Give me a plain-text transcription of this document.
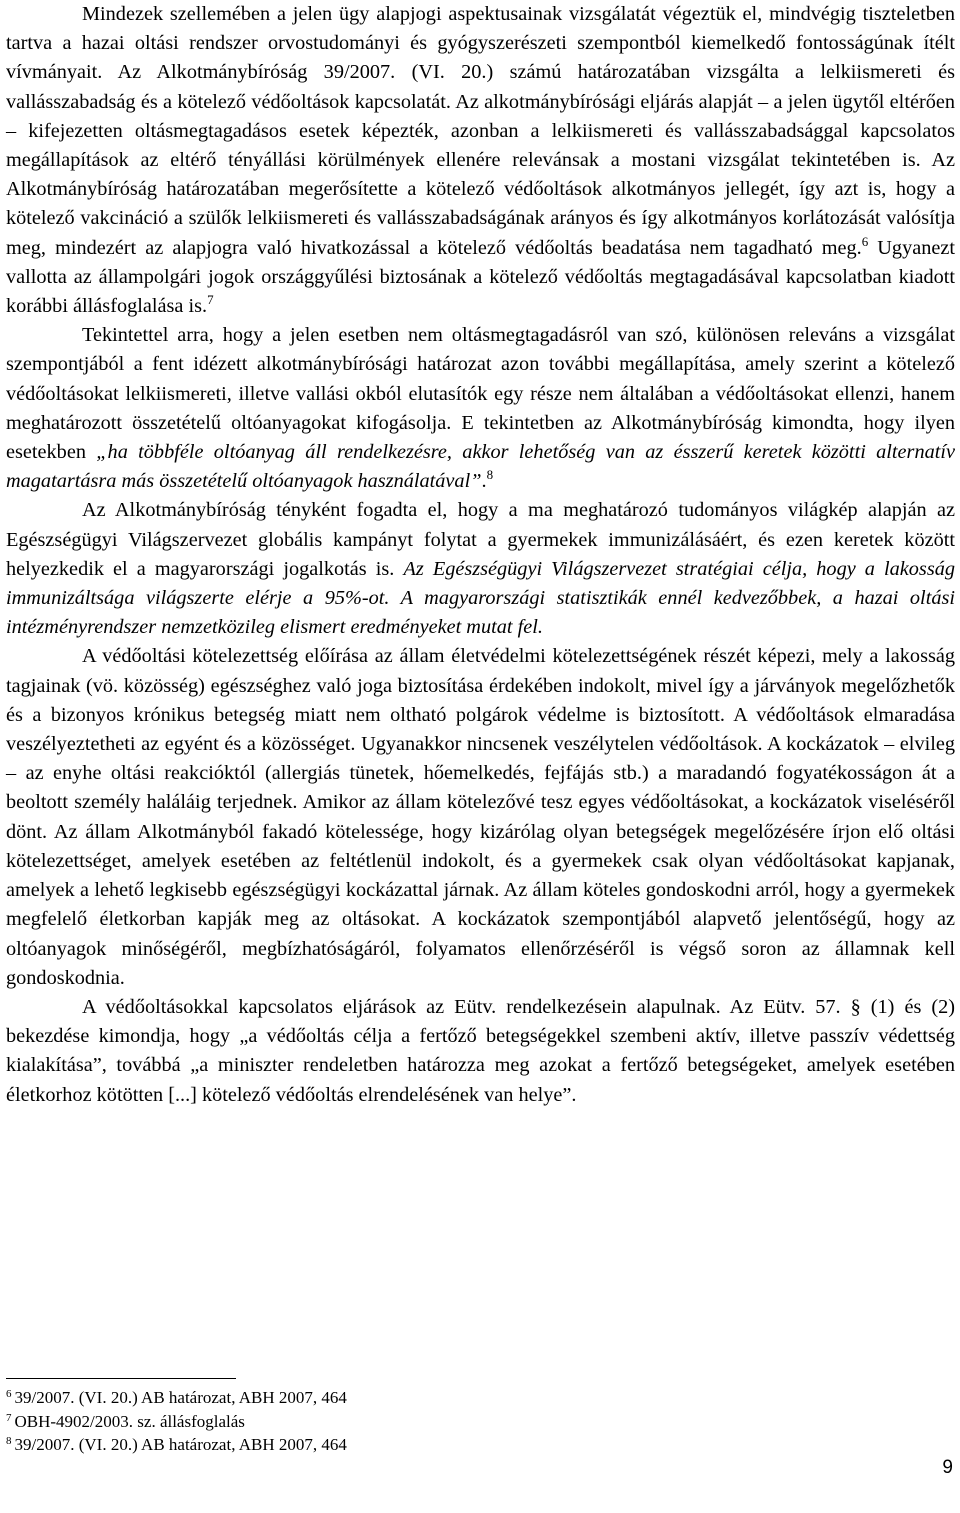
Mindezek szellemében a jelen ügy alapjogi aspektusainak vizsgálatát végeztük el, mindvégig tiszteletben tartva a hazai oltási rendszer orvostudományi és gyógyszerészeti szempontból kiemelkedő fontosságúnak ítélt vívmányait. Az Alkotmánybíróság 39/2007. (VI. 20.) számú határozatában vizsgálta a lelkiismereti és vallásszabadság és a kötelező védőoltások kapcsolatát. Az alkotmánybírósági eljárás alapját ‒ a jelen ügytől eltérően ‒ kifejezetten oltásmegtagadásos esetek képezték, azonban a lelkiismereti és vallásszabadsággal kapcsolatos megállapítások az eltérő tényállási körülmények ellenére relevánsak a mostani vizsgálat tekintetében is. Az Alkotmánybíróság határozatában megerősítette a kötelező védőoltások alkotmányos jellegét, így azt is, hogy a kötelező vakcináció a szülők lelkiismereti és vallásszabadságának arányos és így alkotmányos korlátozását valósítja meg, mindezért az alapjogra való hivatkozással a kötelező védőoltás beadatása nem tagadható meg.$^6$ Ugyanezt vallotta az állampolgári jogok országgyűlési biztosának a kötelező védőoltás megtagadásával kapcsolatban kiadott korábbi állásfoglalása is.$^7$

Tekintettel arra, hogy a jelen esetben nem oltásmegtagadásról van szó, különösen releváns a vizsgálat szempontjából a fent idézett alkotmánybírósági határozat azon további megállapítása, amely szerint a kötelező védőoltásokat lelkiismereti, illetve vallási okból elutasítók egy része nem általában a védőoltásokat ellenzi, hanem meghatározott összetételű oltóanyagokat kifogásolja. E tekintetben az Alkotmánybíróság kimondta, hogy ilyen esetekben „ha többféle oltóanyag áll rendelkezésre, akkor lehetőség van az ésszerű keretek közötti alternatív magatartásra más összetételű oltóanyagok használatával”.$^8$

Az Alkotmánybíróság tényként fogadta el, hogy a ma meghatározó tudományos világkép alapján az Egészségügyi Világszervezet globális kampányt folytat a gyermekek immunizálásáért, és ezen keretek között helyezkedik el a magyarországi jogalkotás is. Az Egészségügyi Világszervezet stratégiai célja, hogy a lakosság immunizáltsága világszerte elérje a 95%-ot. A magyarországi statisztikák ennél kedvezőbbek, a hazai oltási intézményrendszer nemzetközileg elismert eredményeket mutat fel.

A védőoltási kötelezettség előírása az állam életvédelmi kötelezettségének részét képezi, mely a lakosság tagjainak (vö. közösség) egészséghez való joga biztosítása érdekében indokolt, mivel így a járványok megelőzhetők és a bizonyos krónikus betegség miatt nem oltható polgárok védelme is biztosított. A védőoltások elmaradása veszélyeztetheti az egyént és a közösséget. Ugyanakkor nincsenek veszélytelen védőoltások. A kockázatok ‒ elvileg ‒ az enyhe oltási reakcióktól (allergiás tünetek, hőemelkedés, fejfájás stb.) a maradandó fogyatékosságon át a beoltott személy haláláig terjednek. Amikor az állam kötelezővé tesz egyes védőoltásokat, a kockázatok viseléséről dönt. Az állam Alkotmányból fakadó kötelessége, hogy kizárólag olyan betegségek megelőzésére írjon elő oltási kötelezettséget, amelyek esetében az feltétlenül indokolt, és a gyermekek csak olyan védőoltásokat kapjanak, amelyek a lehető legkisebb egészségügyi kockázattal járnak. Az állam köteles gondoskodni arról, hogy a gyermekek megfelelő életkorban kapják meg az oltásokat. A kockázatok szempontjából alapvető jelentőségű, hogy az oltóanyagok minőségéről, megbízhatóságáról, folyamatos ellenőrzéséről is végső soron az államnak kell gondoskodnia.

A védőoltásokkal kapcsolatos eljárások az Eütv. rendelkezésein alapulnak. Az Eütv. 57. § (1) és (2) bekezdése kimondja, hogy „a védőoltás célja a fertőző betegségekkel szembeni aktív, illetve passzív védettség kialakítása”, továbbá „a miniszter rendeletben határozza meg azokat a fertőző betegségeket, amelyek esetében életkorhoz kötötten [...] kötelező védőoltás elrendelésének van helye”.

$^6$ 39/2007. (VI. 20.) AB határozat, ABH 2007, 464
$^7$ OBH-4902/2003. sz. állásfoglalás
$^8$ 39/2007. (VI. 20.) AB határozat, ABH 2007, 464
9
